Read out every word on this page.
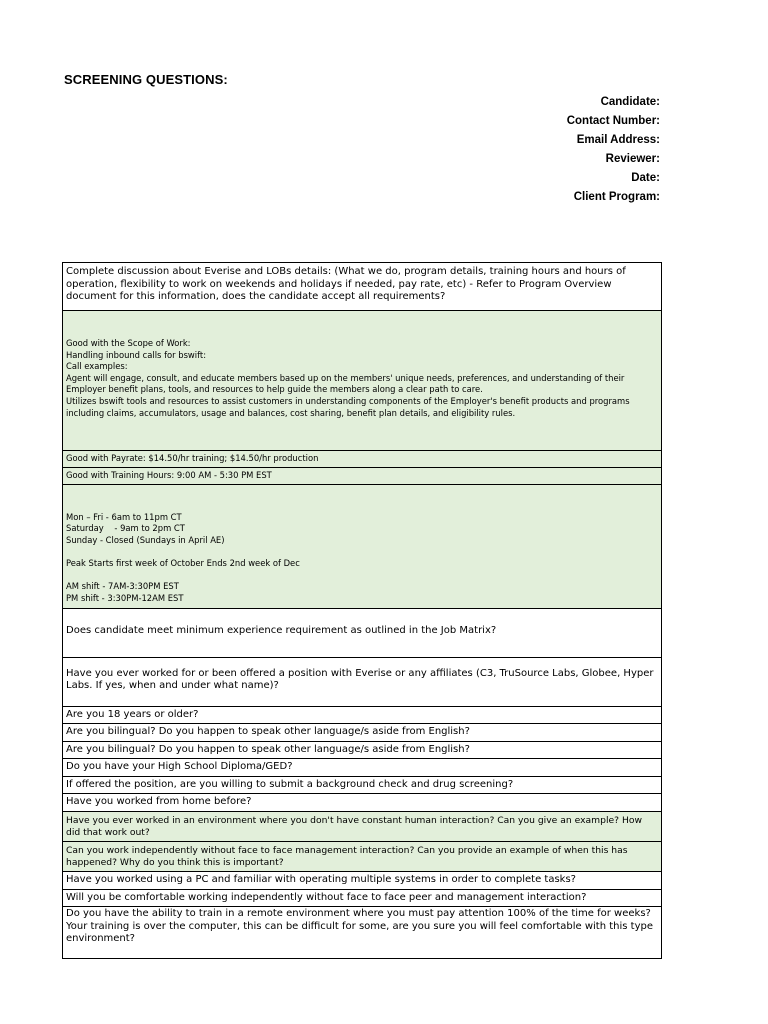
SCREENING QUESTIONS:
Candidate:
Contact Number:
Email Address:
Reviewer:
Date:
Client Program:
Complete discussion about Everise and LOBs details: (What we do, program details, training hours and hours of operation, flexibility to work on weekends and holidays if needed, pay rate, etc) - Refer to Program Overview document for this information, does the candidate accept all requirements?

Good with the Scope of Work:
Handling inbound calls for bswift:
Call examples:
Agent will engage, consult, and educate members based up on the members' unique needs, preferences, and understanding of their Employer benefit plans, tools, and resources to help guide the members along a clear path to care.
Utilizes bswift tools and resources to assist customers in understanding components of the Employer's benefit products and programs including claims, accumulators, usage and balances, cost sharing, benefit plan details, and eligibility rules.

Good with Payrate: $14.50/hr training; $14.50/hr production
Good with Training Hours: 9:00 AM - 5:30 PM EST

Mon – Fri - 6am to 11pm CT
Saturday    - 9am to 2pm CT
Sunday - Closed (Sundays in April AE)
Peak Starts first week of October Ends 2nd week of Dec
AM shift - 7AM-3:30PM EST
PM shift - 3:30PM-12AM EST

Does candidate meet minimum experience requirement as outlined in the Job Matrix?
Have you ever worked for or been offered a position with Everise or any affiliates (C3, TruSource Labs, Globee, Hyper Labs. If yes, when and under what name)?
Are you 18 years or older?
Are you bilingual? Do you happen to speak other language/s aside from English?
Are you bilingual? Do you happen to speak other language/s aside from English?
Do you have your High School Diploma/GED?
If offered the position, are you willing to submit a background check and drug screening?
Have you worked from home before?
Have you ever worked in an environment where you don't have constant human interaction? Can you give an example? How did that work out?
Can you work independently without face to face management interaction? Can you provide an example of when this has happened? Why do you think this is important?
Have you worked using a PC and familiar with operating multiple systems in order to complete tasks?
Will you be comfortable working independently without face to face peer and management interaction?
Do you have the ability to train in a remote environment where you must pay attention 100% of the time for weeks? Your training is over the computer, this can be difficult for some, are you sure you will feel comfortable with this type environment?
